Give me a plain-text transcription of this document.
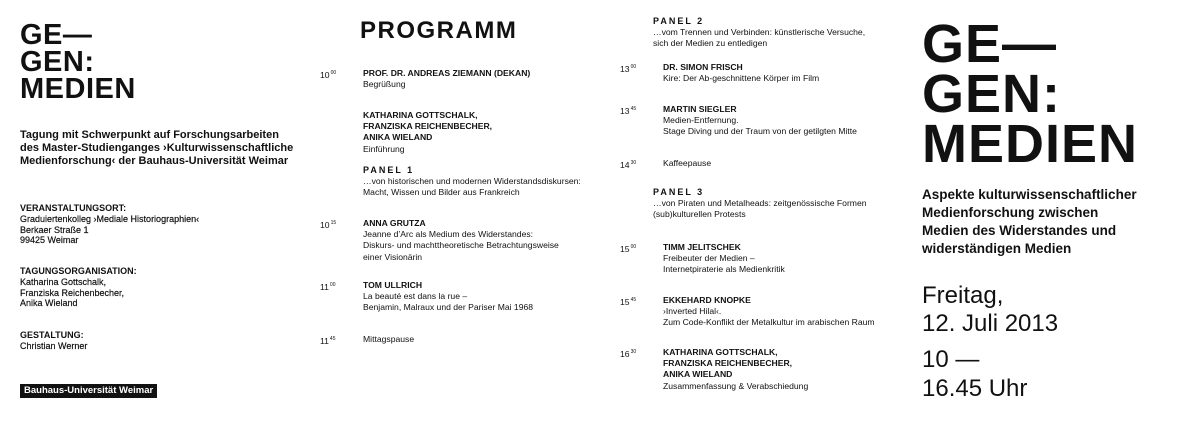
GE—
GEN:
MEDIEN
Tagung mit Schwerpunkt auf Forschungsarbeiten
des Master-Studienganges ›Kulturwissenschaftliche
Medienforschung‹ der Bauhaus-Universität Weimar
VERANSTALTUNGSORT:
Graduiertenkolleg ›Mediale Historiographien‹
Berkaer Straße 1
99425 Weimar
TAGUNGSORGANISATION:
Katharina Gottschalk,
Franziska Reichenbecher,
Anika Wieland
GESTALTUNG:
Christian Werner
Bauhaus-Universität Weimar
PROGRAMM
$10^{00}$	PROF. DR. ANDREAS ZIEMANN (DEKAN)
Begrüßung
KATHARINA GOTTSCHALK,
FRANZISKA REICHENBECHER,
ANIKA WIELAND
Einführung
$10^{15}$	ANNA GRUTZA
Jeanne d’Arc als Medium des Widerstandes:
Diskurs- und machttheoretische Betrachtungsweise
einer Visionärin
$11^{00}$	TOM ULLRICH
La beauté est dans la rue –
Benjamin, Malraux und der Pariser Mai 1968
$11^{45}$	Mittagspause
$13^{00}$	DR. SIMON FRISCH
Kire: Der Ab-geschnittene Körper im Film
$13^{45}$	MARTIN SIEGLER
Medien-Entfernung.
Stage Diving und der Traum von der getilgten Mitte
$14^{30}$	Kaffeepause
$15^{00}$	TIMM JELITSCHEK
Freibeuter der Medien –
Internetpiraterie als Medienkritik
$15^{45}$	EKKEHARD KNOPKE
›Inverted Hilal‹.
Zum Code-Konflikt der Metalkultur im arabischen Raum
$16^{30}$	KATHARINA GOTTSCHALK,
FRANZISKA REICHENBECHER,
ANIKA WIELAND
Zusammenfassung & Verabschiedung
PANEL 1
…von historischen und modernen Widerstandsdiskursen:
Macht, Wissen und Bilder aus Frankreich
PANEL 2
…vom Trennen und Verbinden: künstlerische Versuche,
sich der Medien zu entledigen
PANEL 3
…von Piraten und Metalheads: zeitgenössische Formen
(sub)kulturellen Protests
GE—
GEN:
MEDIEN
Aspekte kulturwissenschaftlicher
Medienforschung zwischen
Medien des Widerstandes und
widerständigen Medien
Freitag,
12. Juli 2013
10 —
16.45 Uhr
